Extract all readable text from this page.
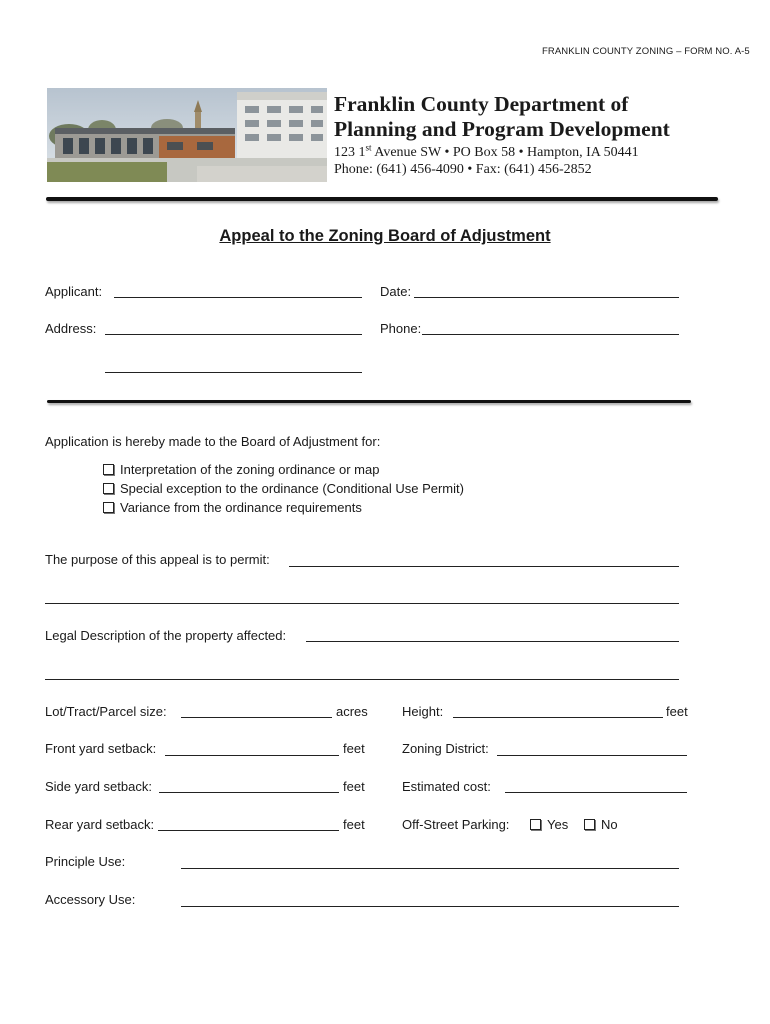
FRANKLIN COUNTY ZONING – FORM NO. A-5
Franklin County Department of
Planning and Program Development
123 1st Avenue SW • PO Box 58 • Hampton, IA 50441
Phone: (641) 456-4090 • Fax: (641) 456-2852
Appeal to the Zoning Board of Adjustment
Applicant:	Date:
Address:	Phone:
Application is hereby made to the Board of Adjustment for:
Interpretation of the zoning ordinance or map
Special exception to the ordinance (Conditional Use Permit)
Variance from the ordinance requirements
The purpose of this appeal is to permit:
Legal Description of the property affected:
Lot/Tract/Parcel size:	acres	Height:	feet
Front yard setback:	feet	Zoning District:
Side yard setback:	feet	Estimated cost:
Rear yard setback:	feet	Off-Street Parking:	Yes	No
Principle Use:
Accessory Use:
